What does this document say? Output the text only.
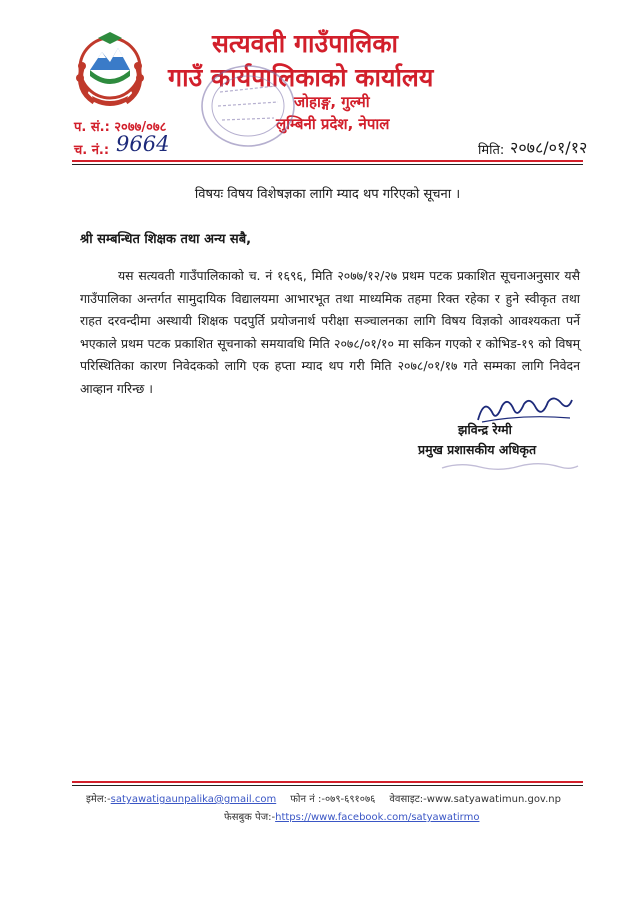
सत्यवती गाउँपालिका
गाउँ कार्यपालिकाको कार्यालय
जोहाङ्ग, गुल्मी
लुम्बिनी प्रदेश, नेपाल
प. सं.: २०७७/०७८
च. नं.: 9664	मिति: २०७८/०१/१२
विषयः विषय विशेषज्ञका लागि म्याद थप गरिएको सूचना ।
श्री सम्बन्धित शिक्षक तथा अन्य सबै,
यस सत्यवती गाउँपालिकाको च. नं १६९६, मिति २०७७/१२/२७ प्रथम पटक प्रकाशित सूचनाअनुसार यसै गाउँपालिका अन्तर्गत सामुदायिक विद्यालयमा आभारभूत तथा माध्यमिक तहमा रिक्त रहेका र हुने स्वीकृत तथा राहत दरवन्दीमा अस्थायी शिक्षक पदपुर्ति प्रयोजनार्थ परीक्षा सञ्चालनका लागि विषय विज्ञको आवश्यकता पर्ने भएकाले प्रथम पटक प्रकाशित सूचनाको समयावधि मिति २०७८/०१/१० मा सकिन गएको र कोभिड-१९ को विषम् परिस्थितिका कारण निवेदकको लागि एक हप्ता म्याद थप गरी मिति २०७८/०१/१७ गते सम्मका लागि निवेदन आव्हान गरिन्छ ।
झविन्द्र रेग्मी
प्रमुख प्रशासकीय अधिकृत
इमेल:-satyawatigaunpalika@gmail.com फोन नं :-०७९-६९१०७६ वेवसाइट:-www.satyawatimun.gov.np
फेसबुक पेज:-https://www.facebook.com/satyawatirmo
